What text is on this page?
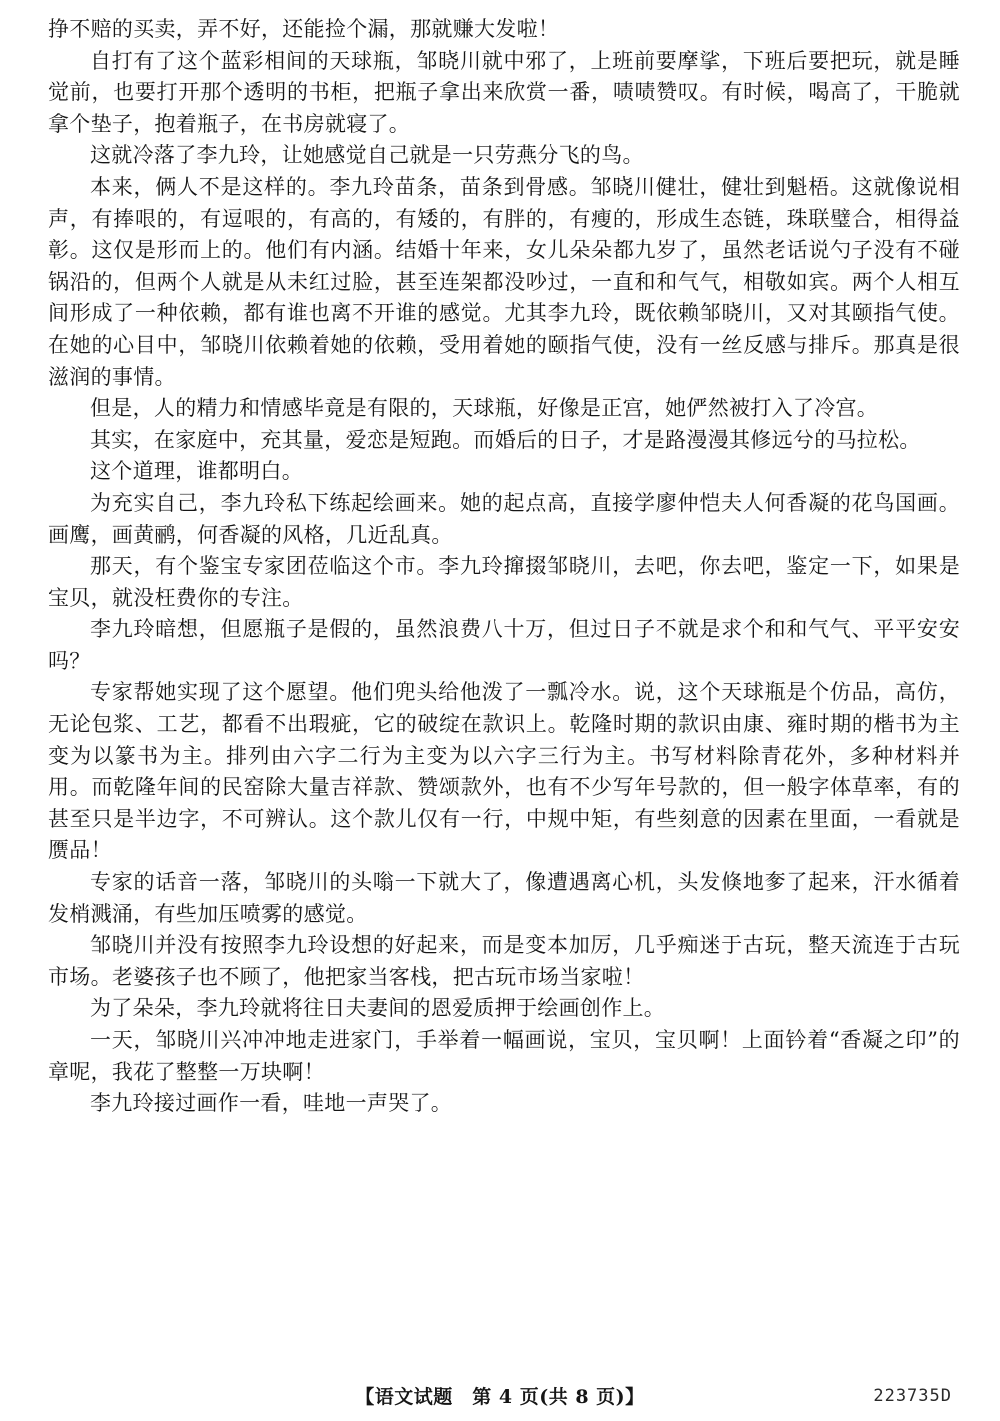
挣不赔的买卖，弄不好，还能捡个漏，那就赚大发啦！

自打有了这个蓝彩相间的天球瓶，邹晓川就中邪了，上班前要摩挲，下班后要把玩，就是睡觉前，也要打开那个透明的书柜，把瓶子拿出来欣赏一番，啧啧赞叹。有时候，喝高了，干脆就拿个垫子，抱着瓶子，在书房就寝了。

这就冷落了李九玲，让她感觉自己就是一只劳燕分飞的鸟。

本来，俩人不是这样的。李九玲苗条，苗条到骨感。邹晓川健壮，健壮到魁梧。这就像说相声，有捧哏的，有逗哏的，有高的，有矮的，有胖的，有瘦的，形成生态链，珠联璧合，相得益彰。这仅是形而上的。他们有内涵。结婚十年来，女儿朵朵都九岁了，虽然老话说勺子没有不碰锅沿的，但两个人就是从未红过脸，甚至连架都没吵过，一直和和气气，相敬如宾。两个人相互间形成了一种依赖，都有谁也离不开谁的感觉。尤其李九玲，既依赖邹晓川，又对其颐指气使。在她的心目中，邹晓川依赖着她的依赖，受用着她的颐指气使，没有一丝反感与排斥。那真是很滋润的事情。

但是，人的精力和情感毕竟是有限的，天球瓶，好像是正宫，她俨然被打入了冷宫。

其实，在家庭中，充其量，爱恋是短跑。而婚后的日子，才是路漫漫其修远兮的马拉松。

这个道理，谁都明白。

为充实自己，李九玲私下练起绘画来。她的起点高，直接学廖仲恺夫人何香凝的花鸟国画。画鹰，画黄鹂，何香凝的风格，几近乱真。

那天，有个鉴宝专家团莅临这个市。李九玲撺掇邹晓川，去吧，你去吧，鉴定一下，如果是宝贝，就没枉费你的专注。

李九玲暗想，但愿瓶子是假的，虽然浪费八十万，但过日子不就是求个和和气气、平平安安吗？

专家帮她实现了这个愿望。他们兜头给他泼了一瓢冷水。说，这个天球瓶是个仿品，高仿，无论包浆、工艺，都看不出瑕疵，它的破绽在款识上。乾隆时期的款识由康、雍时期的楷书为主变为以篆书为主。排列由六字二行为主变为以六字三行为主。书写材料除青花外，多种材料并用。而乾隆年间的民窑除大量吉祥款、赞颂款外，也有不少写年号款的，但一般字体草率，有的甚至只是半边字，不可辨认。这个款儿仅有一行，中规中矩，有些刻意的因素在里面，一看就是赝品！

专家的话音一落，邹晓川的头嗡一下就大了，像遭遇离心机，头发倏地奓了起来，汗水循着发梢溅涌，有些加压喷雾的感觉。

邹晓川并没有按照李九玲设想的好起来，而是变本加厉，几乎痴迷于古玩，整天流连于古玩市场。老婆孩子也不顾了，他把家当客栈，把古玩市场当家啦！

为了朵朵，李九玲就将往日夫妻间的恩爱质押于绘画创作上。

一天，邹晓川兴冲冲地走进家门，手举着一幅画说，宝贝，宝贝啊！上面钤着“香凝之印”的章呢，我花了整整一万块啊！

李九玲接过画作一看，哇地一声哭了。

【语文试题　第 4 页(共 8 页)】	223735D
